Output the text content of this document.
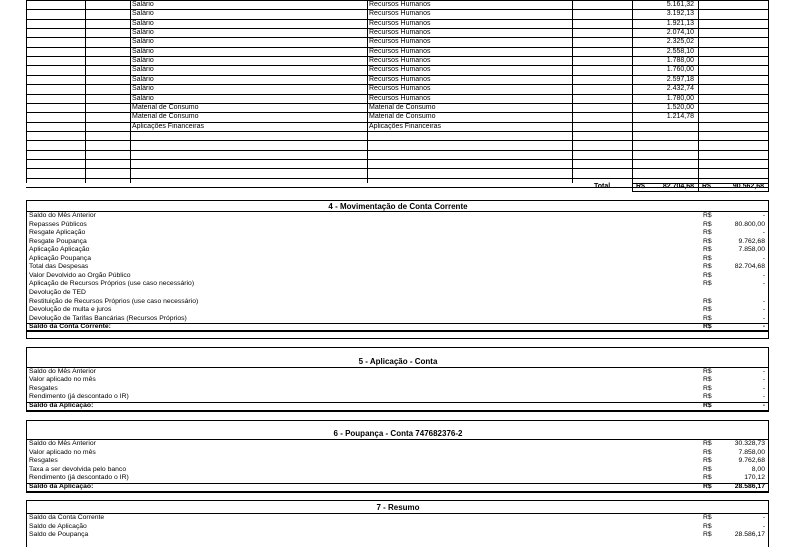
Salário	Recursos Humanos	5.161,32
Salário	Recursos Humanos	3.192,13
Salário	Recursos Humanos	1.921,13
Salário	Recursos Humanos	2.074,10
Salário	Recursos Humanos	2.325,02
Salário	Recursos Humanos	2.558,10
Salário	Recursos Humanos	1.788,00
Salário	Recursos Humanos	1.760,00
Salário	Recursos Humanos	2.597,18
Salário	Recursos Humanos	2.432,74
Salário	Recursos Humanos	1.780,00
Material de Consumo	Material de Consumo	1.520,00
Material de Consumo	Material de Consumo	1.214,78
Aplicações Financeiras	Aplicações Financeiras
Total	R$	82.704,68 R$	90.562,68
4 - Movimentação de Conta Corrente
Saldo do Mês Anterior	R$	-
Repasses Públicos	R$	80.800,00
Resgate Aplicação	R$	-
Resgate Poupança	R$	9.762,68
Aplicação Aplicação	R$	7.858,00
Aplicação Poupança	R$	-
Total das Despesas	R$	82.704,68
Valor Devolvido ao Orgão Público	R$	-
Aplicação de Recursos Próprios (use caso necessário)	R$	-
Devolução de TED
Restituição de Recursos Próprios (use caso necessário)	R$	-
Devolução de multa e juros	R$	-
Devolução de Tarifas Bancárias (Recursos Próprios)	R$	-
Saldo da Conta Corrente:	R$	-
5 - Aplicação - Conta
Saldo do Mês Anterior	R$	-
Valor aplicado no mês	R$	-
Resgates	R$	-
Rendimento (já descontado o IR)	R$	-
Saldo da Aplicação:	R$	-
6 - Poupança - Conta 747682376-2
Saldo do Mês Anterior	R$	30.328,73
Valor aplicado no mês	R$	7.858,00
Resgates	R$	9.762,68
Taxa a ser devolvida pelo banco	R$	8,00
Rendimento (já descontado o IR)	R$	170,12
Saldo da Aplicação:	R$	28.586,17
7 - Resumo
Saldo da Conta Corrente	R$	-
Saldo de Aplicação	R$	-
Saldo de Poupança	R$	28.586,17
